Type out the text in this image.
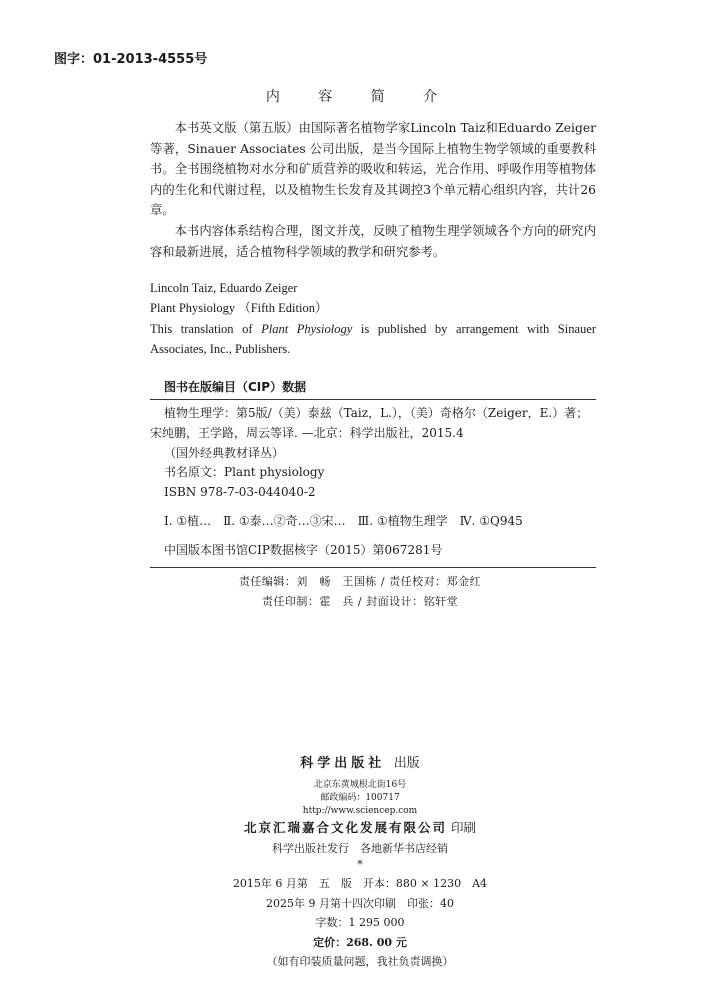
图字：01-2013-4555号
内 容 简 介

本书英文版（第五版）由国际著名植物学家Lincoln Taiz和Eduardo Zeiger等著，Sinauer Associates 公司出版，是当今国际上植物生物学领域的重要教科书。全书围绕植物对水分和矿质营养的吸收和转运，光合作用、呼吸作用等植物体内的生化和代谢过程，以及植物生长发育及其调控3个单元精心组织内容，共计26章。

本书内容体系结构合理，图文并茂，反映了植物生理学领域各个方向的研究内容和最新进展，适合植物科学领域的教学和研究参考。

Lincoln Taiz, Eduardo Zeiger
Plant Physiology （Fifth Edition）
This translation of Plant Physiology is published by arrangement with Sinauer Associates, Inc., Publishers.
图书在版编目（CIP）数据
植物生理学：第5版/（美）泰兹（Taiz，L.），（美）奇格尔（Zeiger，E.）著；宋纯鹏，王学路，周云等译. —北京：科学出版社，2015.4
（国外经典教材译丛）
书名原文：Plant physiology
ISBN 978-7-03-044040-2
Ⅰ. ①植…　Ⅱ. ①泰…②奇…③宋…　Ⅲ. ①植物生理学　Ⅳ. ①Q945
中国版本图书馆CIP数据核字（2015）第067281号
责任编辑：刘　畅　王国栋 / 责任校对：郑金红
责任印制：霍　兵 / 封面设计：铭轩堂
科学出版社 出版
北京东黄城根北街16号
邮政编码：100717
http://www.sciencep.com
北京汇瑞嘉合文化发展有限公司 印刷
科学出版社发行　各地新华书店经销
*
2015年 6 月第　五　版　开本：880 × 1230　A4
2025年 9 月第十四次印刷　印张：40
字数：1 295 000
定价：268. 00 元
（如有印装质量问题，我社负责调换）
